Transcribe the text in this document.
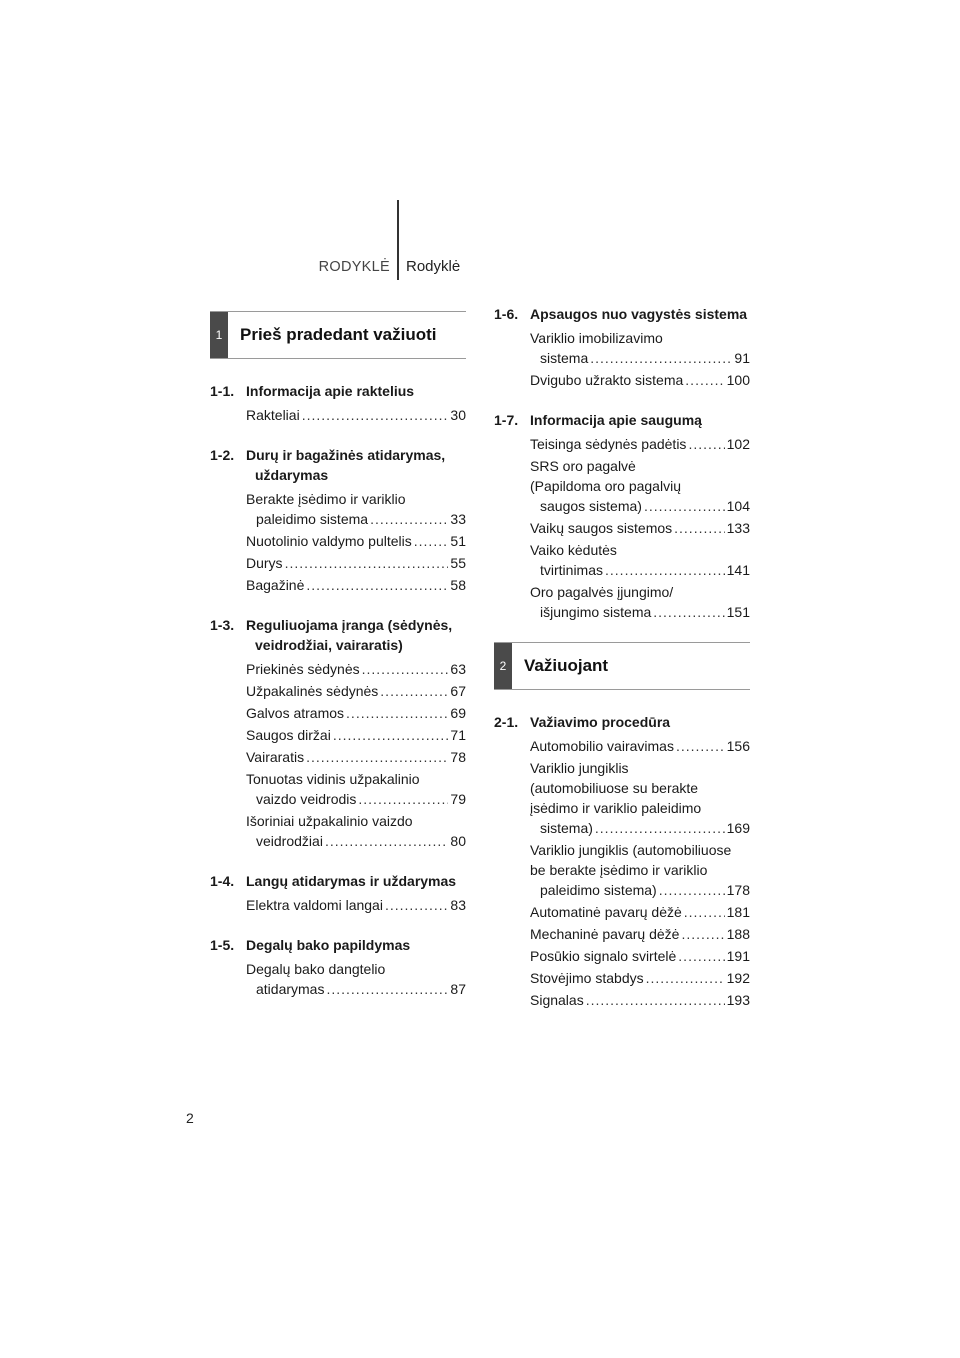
RODYKLĖ Rodyklė
1	Prieš pradedant važiuoti
1-1. Informacija apie raktelius
Rakteliai .....	30
1-2. Durų ir bagažinės atidarymas, uždarymas
Berakte įsėdimo ir variklio
paleidimo sistema .....	33
Nuotolinio valdymo pultelis .....	51
Durys .....	55
Bagažinė .....	58
1-3. Reguliuojama įranga (sėdynės, veidrodžiai, vairaratis)
Priekinės sėdynės .....	63
Užpakalinės sėdynės .....	67
Galvos atramos .....	69
Saugos diržai .....	71
Vairaratis .....	78
Tonuotas vidinis užpakalinio
vaizdo veidrodis .....	79
Išoriniai užpakalinio vaizdo
veidrodžiai .....	80
1-4. Langų atidarymas ir uždarymas
Elektra valdomi langai .....	83
1-5. Degalų bako papildymas
Degalų bako dangtelio
atidarymas .....	87
1-6. Apsaugos nuo vagystės sistema
Variklio imobilizavimo
sistema .....	91
Dvigubo užrakto sistema .....	100
1-7. Informacija apie saugumą
Teisinga sėdynės padėtis .....	102
SRS oro pagalvė
(Papildoma oro pagalvių
saugos sistema) .....	104
Vaikų saugos sistemos .....	133
Vaiko kėdutės
tvirtinimas .....	141
Oro pagalvės įjungimo/
išjungimo sistema .....	151
2	Važiuojant
2-1. Važiavimo procedūra
Automobilio vairavimas .....	156
Variklio jungiklis
(automobiliuose su berakte
įsėdimo ir variklio paleidimo
sistema) .....	169
Variklio jungiklis (automobiliuose
be berakte įsėdimo ir variklio
paleidimo sistema) .....	178
Automatinė pavarų dėžė .....	181
Mechaninė pavarų dėžė .....	188
Posūkio signalo svirtelė .....	191
Stovėjimo stabdys .....	192
Signalas .....	193
2
